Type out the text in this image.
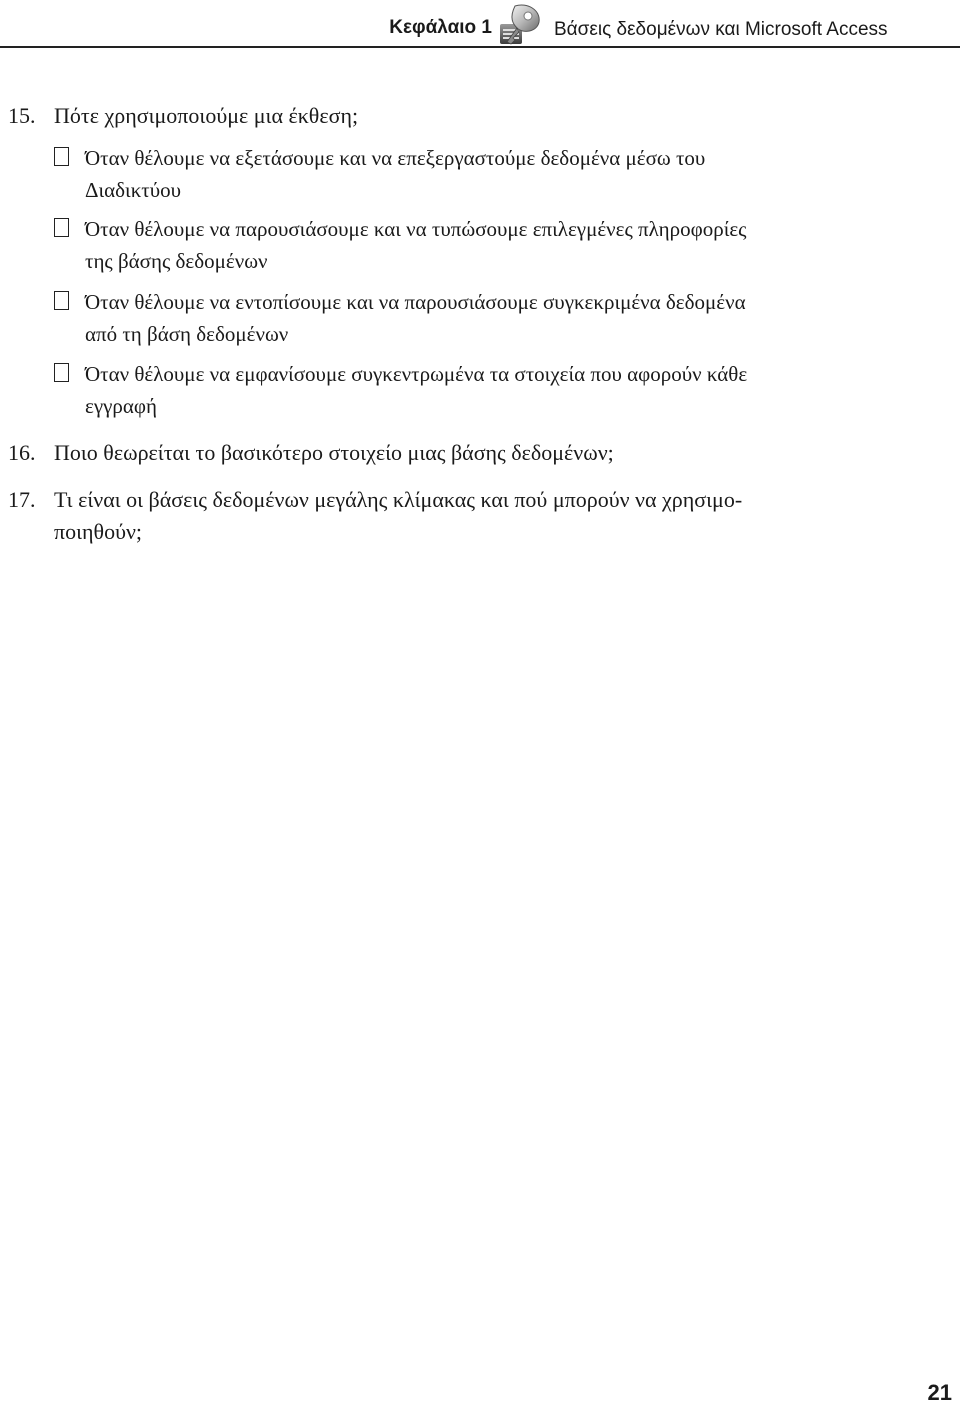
Κεφάλαιο 1	Βάσεις δεδομένων και Microsoft Access
15. Πότε χρησιμοποιούμε μια έκθεση;
Όταν θέλουμε να εξετάσουμε και να επεξεργαστούμε δεδομένα μέσω του
Διαδικτύου
Όταν θέλουμε να παρουσιάσουμε και να τυπώσουμε επιλεγμένες πληροφορίες
της βάσης δεδομένων
Όταν θέλουμε να εντοπίσουμε και να παρουσιάσουμε συγκεκριμένα δεδομένα
από τη βάση δεδομένων
Όταν θέλουμε να εμφανίσουμε συγκεντρωμένα τα στοιχεία που αφορούν κάθε
εγγραφή
16. Ποιο θεωρείται το βασικότερο στοιχείο μιας βάσης δεδομένων;
17. Τι είναι οι βάσεις δεδομένων μεγάλης κλίμακας και πού μπορούν να χρησιμο-
ποιηθούν;
21
